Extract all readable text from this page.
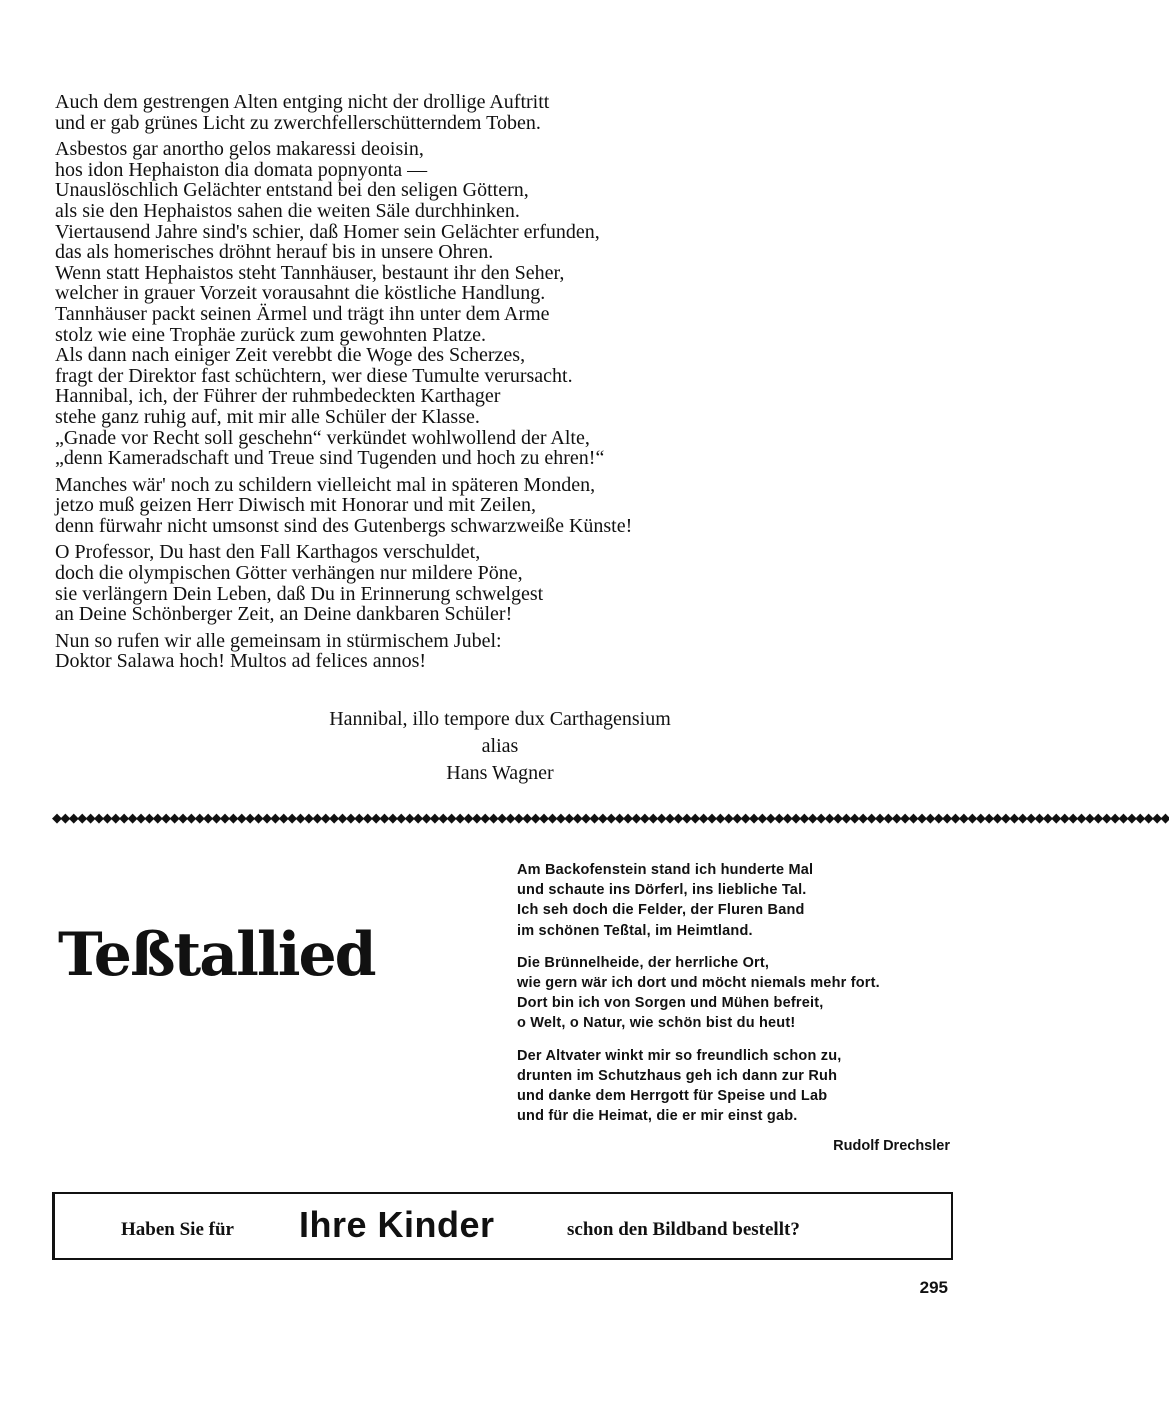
Auch dem gestrengen Alten entging nicht der drollige Auftritt
und er gab grünes Licht zu zwerchfellerschütterndem Toben.
Asbestos gar anortho gelos makaressi deoisin,
hos idon Hephaiston dia domata popnyonta —
Unauslöschlich Gelächter entstand bei den seligen Göttern,
als sie den Hephaistos sahen die weiten Säle durchhinken.
Viertausend Jahre sind's schier, daß Homer sein Gelächter erfunden,
das als homerisches dröhnt herauf bis in unsere Ohren.
Wenn statt Hephaistos steht Tannhäuser, bestaunt ihr den Seher,
welcher in grauer Vorzeit vorausahnt die köstliche Handlung.
Tannhäuser packt seinen Ärmel und trägt ihn unter dem Arme
stolz wie eine Trophäe zurück zum gewohnten Platze.
Als dann nach einiger Zeit verebbt die Woge des Scherzes,
fragt der Direktor fast schüchtern, wer diese Tumulte verursacht.
Hannibal, ich, der Führer der ruhmbedeckten Karthager
stehe ganz ruhig auf, mit mir alle Schüler der Klasse.
„Gnade vor Recht soll geschehn“ verkündet wohlwollend der Alte,
„denn Kameradschaft und Treue sind Tugenden und hoch zu ehren!“
Manches wär' noch zu schildern vielleicht mal in späteren Monden,
jetzo muß geizen Herr Diwisch mit Honorar und mit Zeilen,
denn fürwahr nicht umsonst sind des Gutenbergs schwarzweiße Künste!
O Professor, Du hast den Fall Karthagos verschuldet,
doch die olympischen Götter verhängen nur mildere Pöne,
sie verlängern Dein Leben, daß Du in Erinnerung schwelgest
an Deine Schönberger Zeit, an Deine dankbaren Schüler!
Nun so rufen wir alle gemeinsam in stürmischem Jubel:
Doktor Salawa hoch! Multos ad felices annos!
Hannibal, illo tempore dux Carthagensium
alias
Hans Wagner
◆◆◆◆◆◆◆◆◆◆◆◆◆◆◆◆◆◆◆◆◆◆◆◆◆◆◆◆◆◆◆◆◆◆◆◆◆◆◆◆◆◆◆◆◆◆◆◆◆◆◆◆◆◆◆◆◆◆◆◆◆◆◆◆◆◆◆◆◆◆◆◆◆◆◆◆◆◆◆◆◆◆◆◆◆◆◆◆◆◆◆◆◆◆◆◆◆◆◆◆◆◆◆◆◆◆◆◆◆◆◆◆◆◆◆◆◆◆◆◆◆◆◆◆◆◆◆◆◆◆◆◆◆
Teßtallied
Am Backofenstein stand ich hunderte Mal
und schaute ins Dörferl, ins liebliche Tal.
Ich seh doch die Felder, der Fluren Band
im schönen Teßtal, im Heimtland.
Die Brünnelheide, der herrliche Ort,
wie gern wär ich dort und möcht niemals mehr fort.
Dort bin ich von Sorgen und Mühen befreit,
o Welt, o Natur, wie schön bist du heut!
Der Altvater winkt mir so freundlich schon zu,
drunten im Schutzhaus geh ich dann zur Ruh
und danke dem Herrgott für Speise und Lab
und für die Heimat, die er mir einst gab.
Rudolf Drechsler
Haben Sie für Ihre Kinder	schon den Bildband bestellt?
295
